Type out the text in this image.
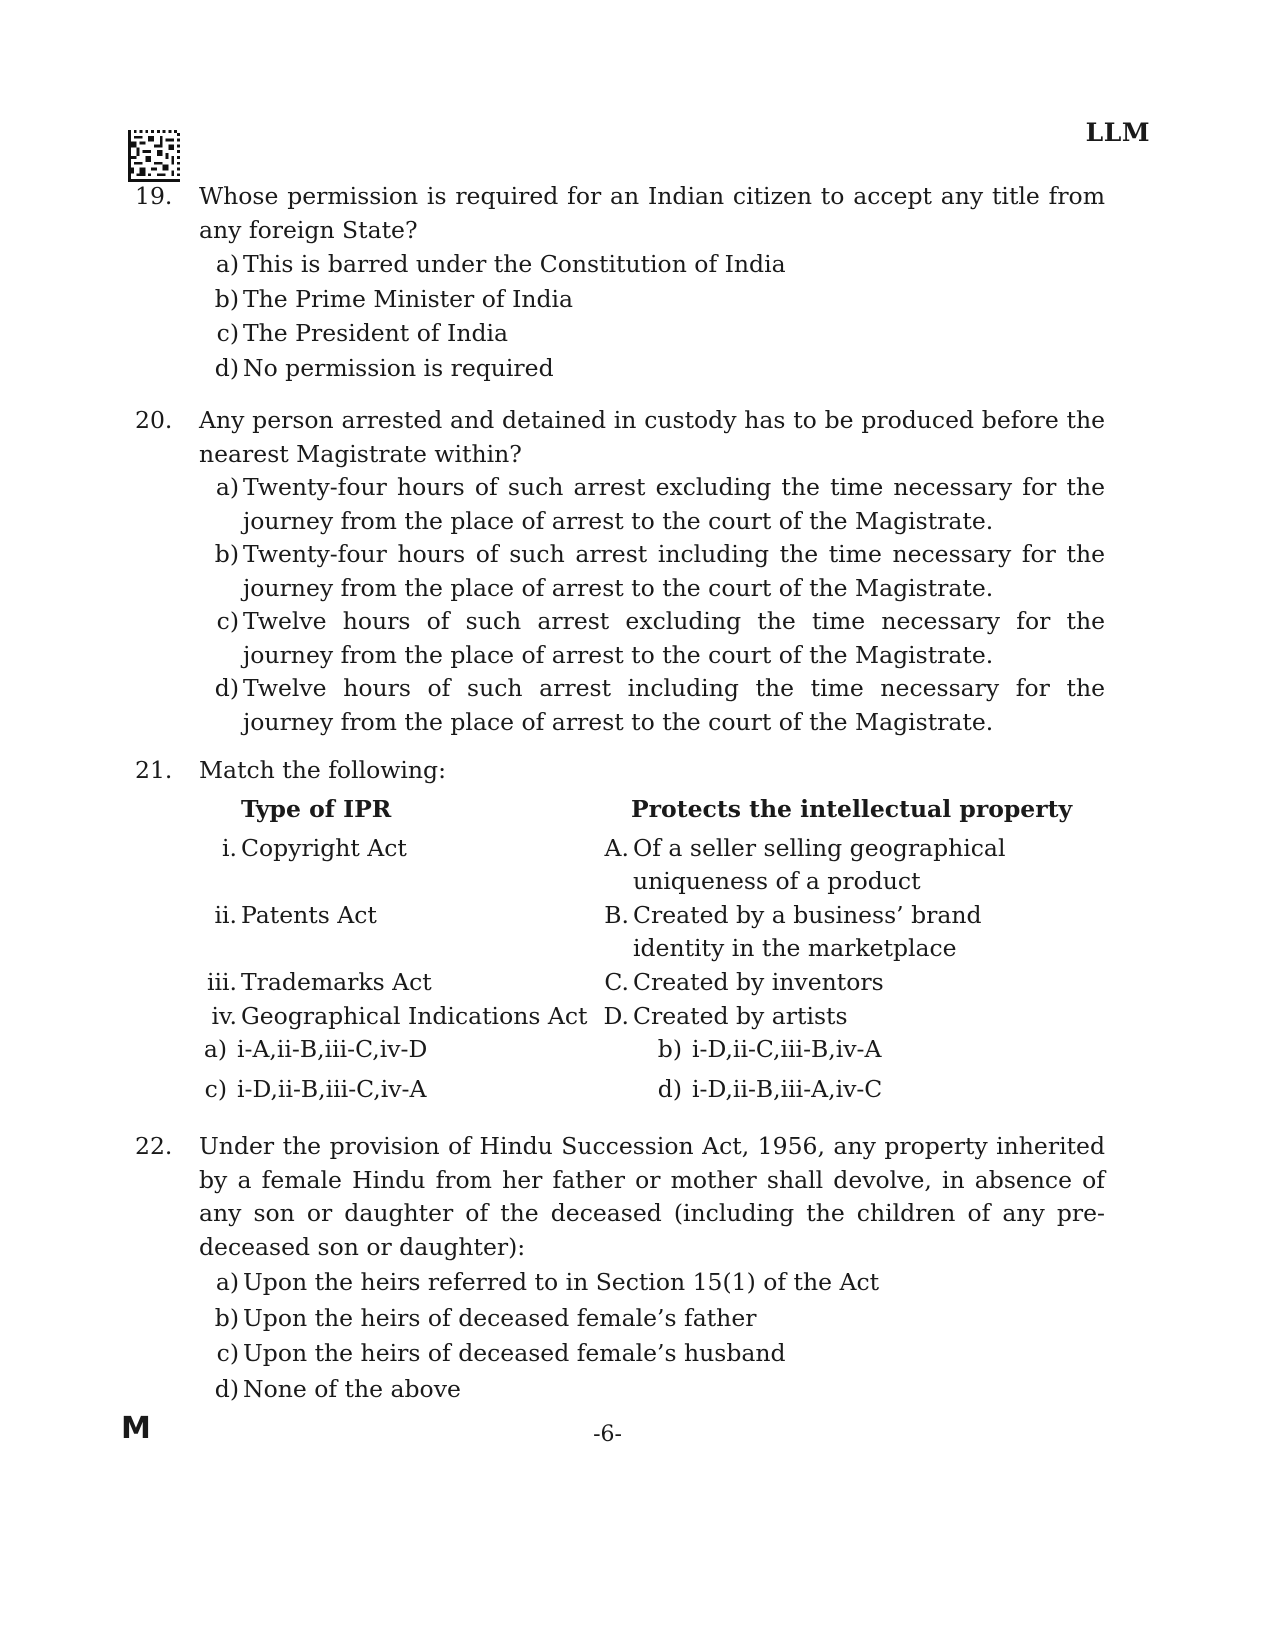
LLM
19.	Whose permission is required for an Indian citizen to accept any title from any foreign State?
a) This is barred under the Constitution of India
b) The Prime Minister of India
c) The President of India
d) No permission is required
20.	Any person arrested and detained in custody has to be produced before the nearest Magistrate within?
a) Twenty-four hours of such arrest excluding the time necessary for the journey from the place of arrest to the court of the Magistrate.
b) Twenty-four hours of such arrest including the time necessary for the journey from the place of arrest to the court of the Magistrate.
c) Twelve hours of such arrest excluding the time necessary for the journey from the place of arrest to the court of the Magistrate.
d) Twelve hours of such arrest including the time necessary for the journey from the place of arrest to the court of the Magistrate.
21.	Match the following:
Type of IPR	Protects the intellectual property
i. Copyright Act	A. Of a seller selling geographical uniqueness of a product
ii. Patents Act	B. Created by a business’ brand identity in the marketplace
iii. Trademarks Act	C. Created by inventors
iv. Geographical Indications Act D. Created by artists
a) i-A,ii-B,iii-C,iv-D	b) i-D,ii-C,iii-B,iv-A
c) i-D,ii-B,iii-C,iv-A	d) i-D,ii-B,iii-A,iv-C
22.	Under the provision of Hindu Succession Act, 1956, any property inherited by a female Hindu from her father or mother shall devolve, in absence of any son or daughter of the deceased (including the children of any pre-deceased son or daughter):
a) Upon the heirs referred to in Section 15(1) of the Act
b) Upon the heirs of deceased female’s father
c) Upon the heirs of deceased female’s husband
d) None of the above
M	-6-
